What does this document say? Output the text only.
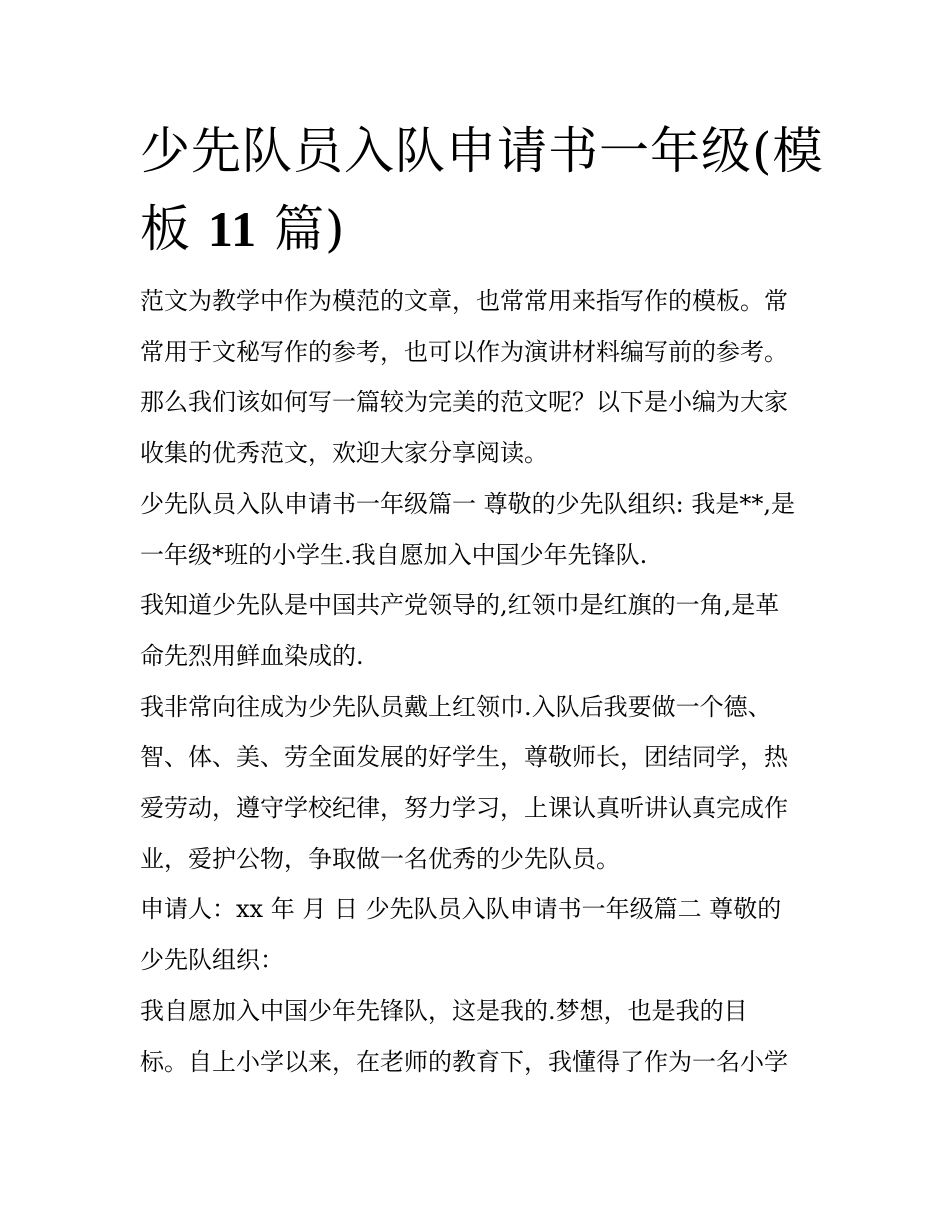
少先队员入队申请书一年级(模
板 11 篇)
范文为教学中作为模范的文章，也常常用来指写作的模板。常
常用于文秘写作的参考，也可以作为演讲材料编写前的参考。
那么我们该如何写一篇较为完美的范文呢？以下是小编为大家
收集的优秀范文，欢迎大家分享阅读。
少先队员入队申请书一年级篇一 尊敬的少先队组织: 我是**,是
一年级*班的小学生.我自愿加入中国少年先锋队.
我知道少先队是中国共产党领导的,红领巾是红旗的一角,是革
命先烈用鲜血染成的.
我非常向往成为少先队员戴上红领巾.入队后我要做一个德、
智、体、美、劳全面发展的好学生，尊敬师长，团结同学，热
爱劳动，遵守学校纪律，努力学习，上课认真听讲认真完成作
业，爱护公物，争取做一名优秀的少先队员。
申请人：xx 年 月 日 少先队员入队申请书一年级篇二 尊敬的
少先队组织：
我自愿加入中国少年先锋队，这是我的.梦想，也是我的目
标。自上小学以来，在老师的教育下，我懂得了作为一名小学
